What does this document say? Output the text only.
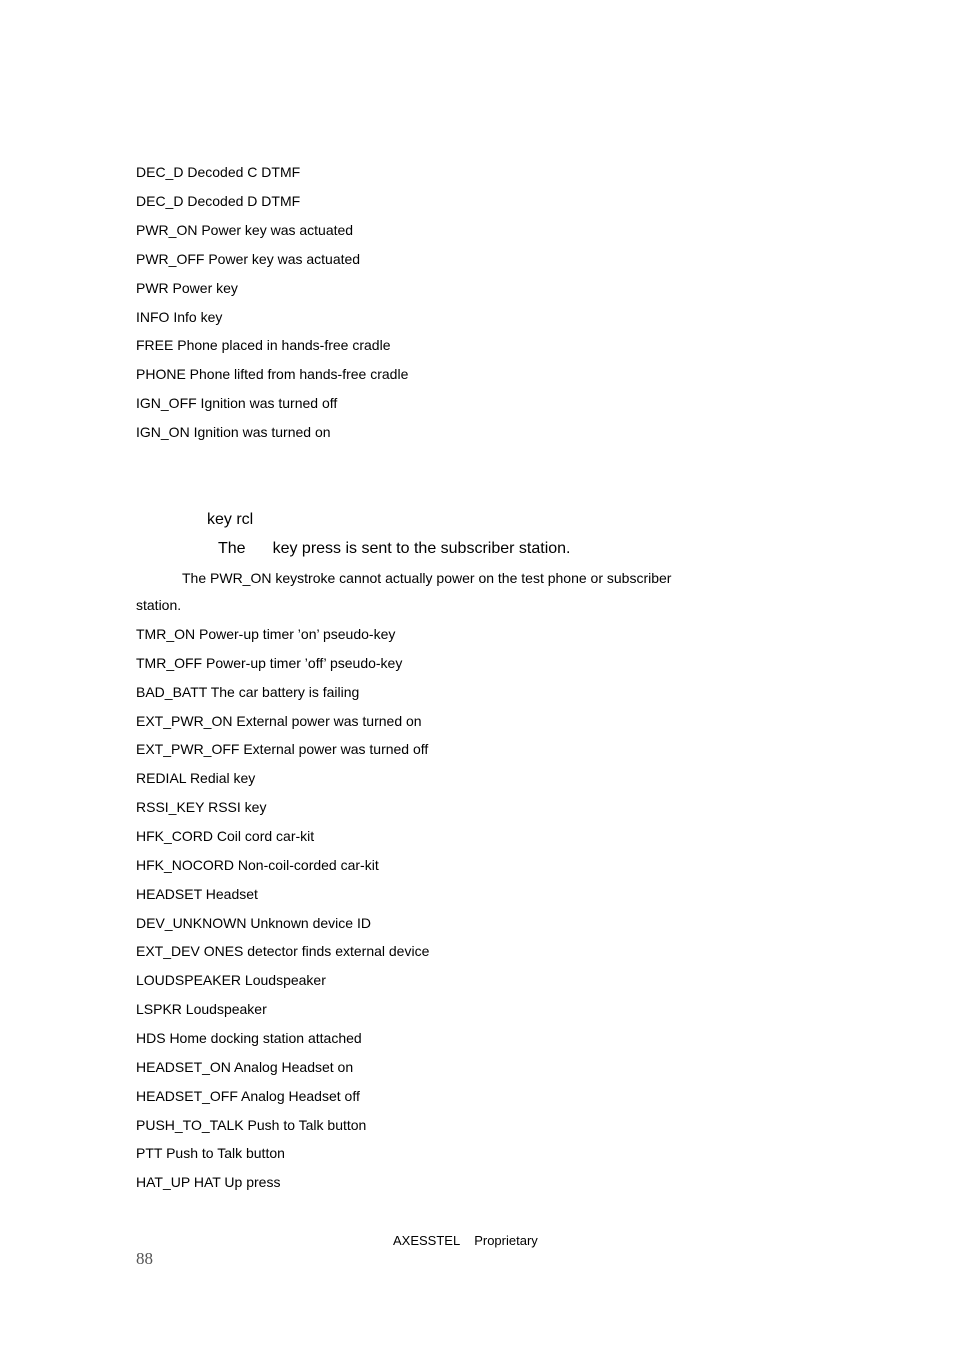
DEC_D Decoded C DTMF
DEC_D Decoded D DTMF
PWR_ON Power key was actuated
PWR_OFF Power key was actuated
PWR Power key
INFO Info key
FREE Phone placed in hands-free cradle
PHONE Phone lifted from hands-free cradle
IGN_OFF Ignition was turned off
IGN_ON Ignition was turned on
key rcl
The key press is sent to the subscriber station.
The PWR_ON keystroke cannot actually power on the test phone or subscriber
station.
TMR_ON Power-up timer ’on’ pseudo-key
TMR_OFF Power-up timer ’off’ pseudo-key
BAD_BATT The car battery is failing
EXT_PWR_ON External power was turned on
EXT_PWR_OFF External power was turned off
REDIAL Redial key
RSSI_KEY RSSI key
HFK_CORD Coil cord car-kit
HFK_NOCORD Non-coil-corded car-kit
HEADSET Headset
DEV_UNKNOWN Unknown device ID
EXT_DEV ONES detector finds external device
LOUDSPEAKER Loudspeaker
LSPKR Loudspeaker
HDS Home docking station attached
HEADSET_ON Analog Headset on
HEADSET_OFF Analog Headset off
PUSH_TO_TALK Push to Talk button
PTT Push to Talk button
HAT_UP HAT Up press
AXESSTEL Proprietary
88
